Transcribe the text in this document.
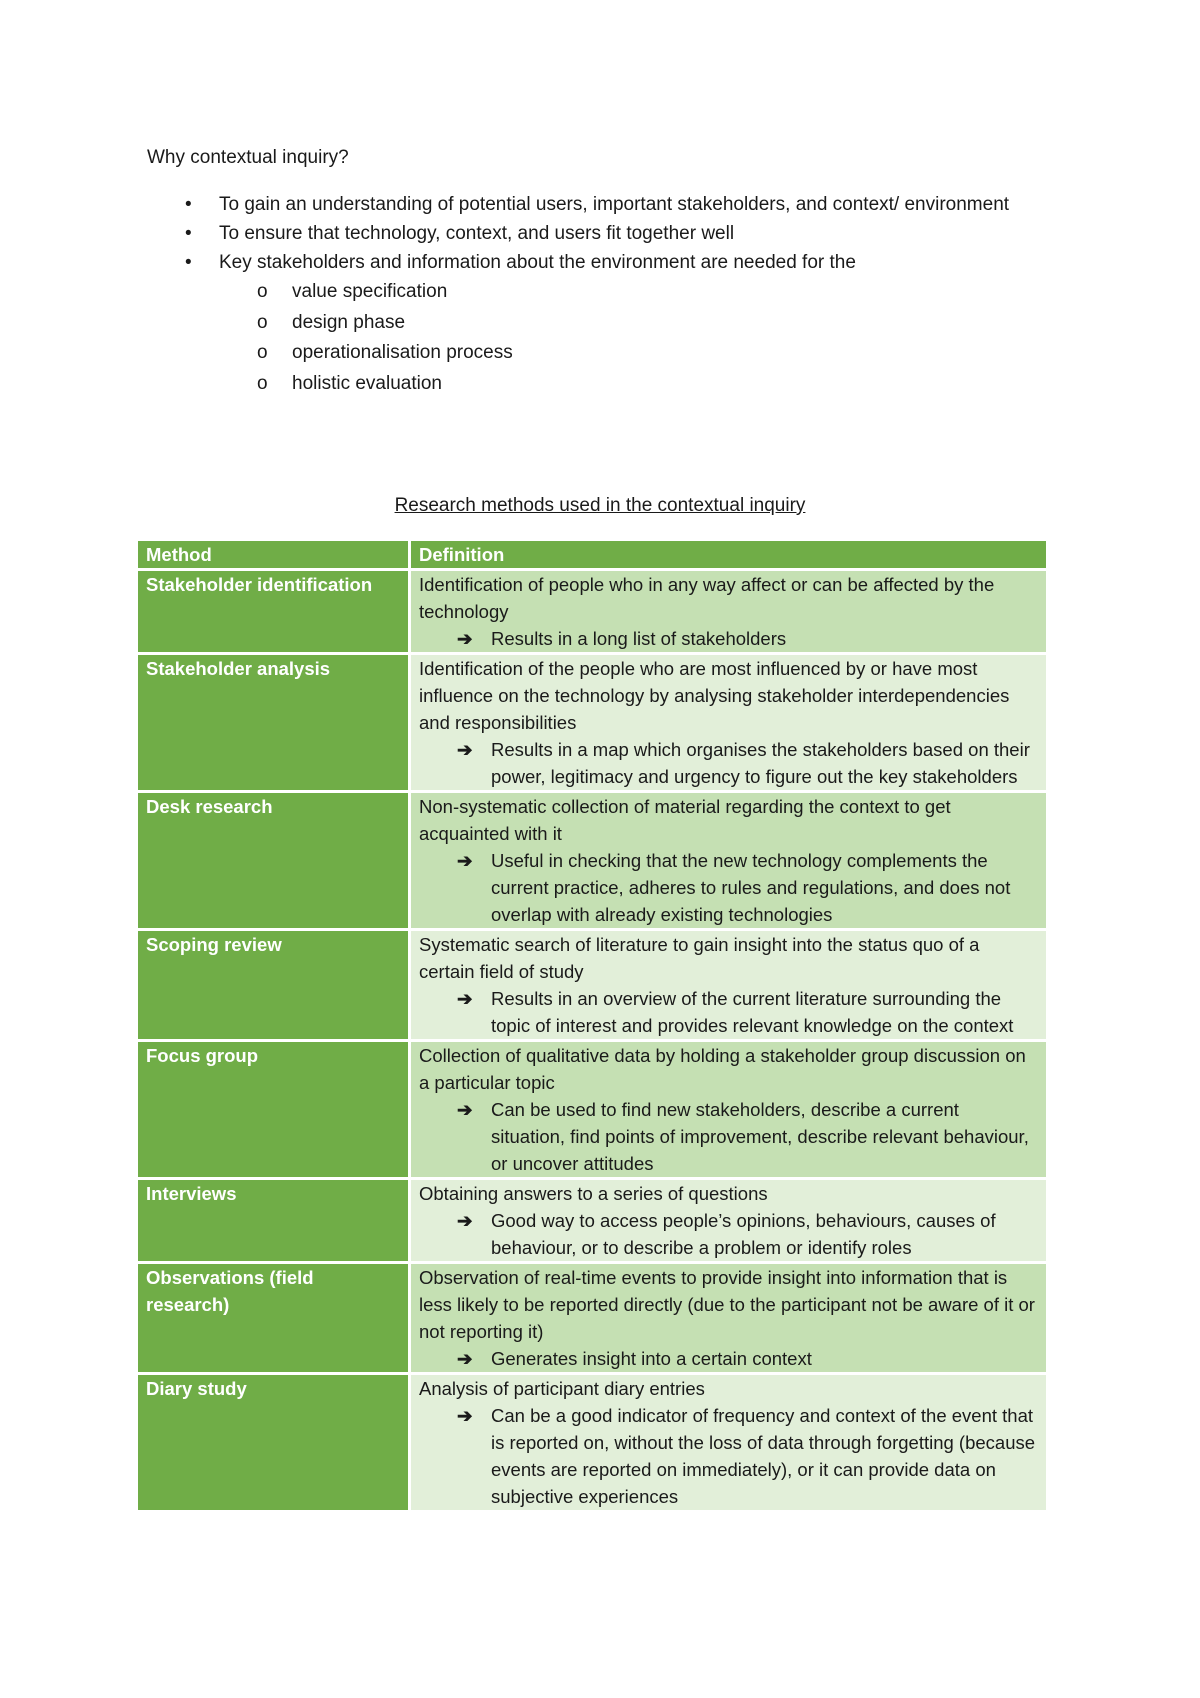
Why contextual inquiry?

• To gain an understanding of potential users, important stakeholders, and context/ environment
• To ensure that technology, context, and users fit together well
• Key stakeholders and information about the environment are needed for the
o value specification
o design phase
o operationalisation process
o holistic evaluation

Research methods used in the contextual inquiry

Method	Definition
Stakeholder identification	Identification of people who in any way affect or can be affected by the technology
➔ Results in a long list of stakeholders

Stakeholder analysis	Identification of the people who are most influenced by or have most influence on the technology by analysing stakeholder interdependencies and responsibilities
➔ Results in a map which organises the stakeholders based on their power, legitimacy and urgency to figure out the key stakeholders

Desk research	Non-systematic collection of material regarding the context to get acquainted with it
➔ Useful in checking that the new technology complements the current practice, adheres to rules and regulations, and does not overlap with already existing technologies

Scoping review	Systematic search of literature to gain insight into the status quo of a certain field of study
➔ Results in an overview of the current literature surrounding the topic of interest and provides relevant knowledge on the context

Focus group	Collection of qualitative data by holding a stakeholder group discussion on a particular topic
➔ Can be used to find new stakeholders, describe a current situation, find points of improvement, describe relevant behaviour, or uncover attitudes

Interviews	Obtaining answers to a series of questions
➔ Good way to access people’s opinions, behaviours, causes of behaviour, or to describe a problem or identify roles

Observations (field research)	Observation of real-time events to provide insight into information that is less likely to be reported directly (due to the participant not be aware of it or not reporting it)
➔ Generates insight into a certain context

Diary study	Analysis of participant diary entries
➔ Can be a good indicator of frequency and context of the event that is reported on, without the loss of data through forgetting (because events are reported on immediately), or it can provide data on subjective experiences
